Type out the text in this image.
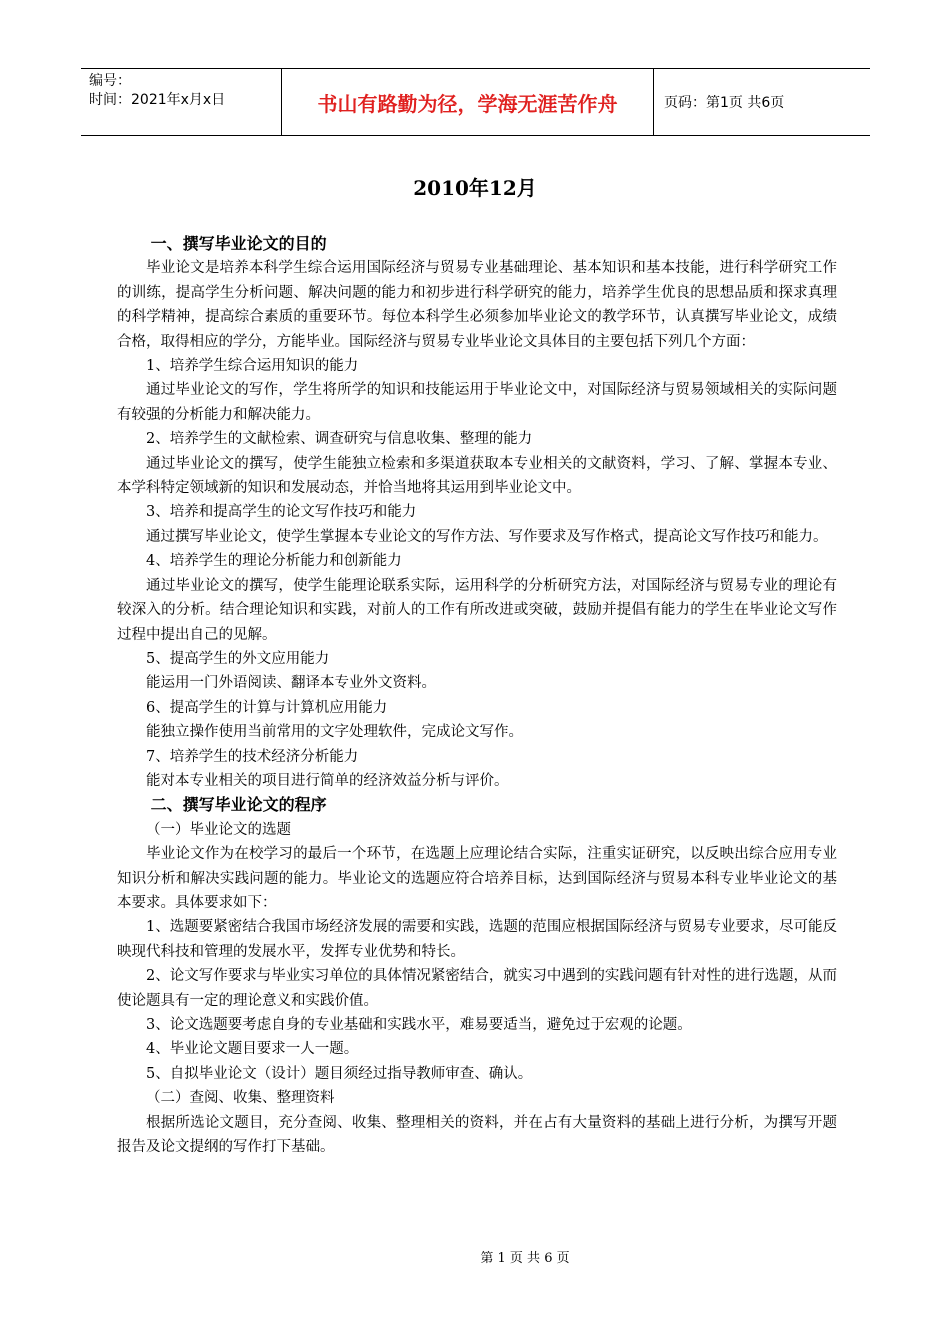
编号：
时间：2021年x月x日	书山有路勤为径，学海无涯苦作舟	页码：第1页 共6页
2010年12月

一、撰写毕业论文的目的

毕业论文是培养本科学生综合运用国际经济与贸易专业基础理论、基本知识和基本技能，进行科学研究工作的训练，提高学生分析问题、解决问题的能力和初步进行科学研究的能力，培养学生优良的思想品质和探求真理的科学精神，提高综合素质的重要环节。每位本科学生必须参加毕业论文的教学环节，认真撰写毕业论文，成绩合格，取得相应的学分，方能毕业。国际经济与贸易专业毕业论文具体目的主要包括下列几个方面：

1、培养学生综合运用知识的能力

通过毕业论文的写作，学生将所学的知识和技能运用于毕业论文中，对国际经济与贸易领域相关的实际问题有较强的分析能力和解决能力。

2、培养学生的文献检索、调查研究与信息收集、整理的能力

通过毕业论文的撰写，使学生能独立检索和多渠道获取本专业相关的文献资料，学习、了解、掌握本专业、本学科特定领域新的知识和发展动态，并恰当地将其运用到毕业论文中。

3、培养和提高学生的论文写作技巧和能力

通过撰写毕业论文，使学生掌握本专业论文的写作方法、写作要求及写作格式，提高论文写作技巧和能力。

4、培养学生的理论分析能力和创新能力

通过毕业论文的撰写，使学生能理论联系实际，运用科学的分析研究方法，对国际经济与贸易专业的理论有较深入的分析。结合理论知识和实践，对前人的工作有所改进或突破，鼓励并提倡有能力的学生在毕业论文写作过程中提出自己的见解。

5、提高学生的外文应用能力

能运用一门外语阅读、翻译本专业外文资料。

6、提高学生的计算与计算机应用能力

能独立操作使用当前常用的文字处理软件，完成论文写作。

7、培养学生的技术经济分析能力

能对本专业相关的项目进行简单的经济效益分析与评价。

二、撰写毕业论文的程序

（一）毕业论文的选题

毕业论文作为在校学习的最后一个环节，在选题上应理论结合实际，注重实证研究，以反映出综合应用专业知识分析和解决实践问题的能力。毕业论文的选题应符合培养目标，达到国际经济与贸易本科专业毕业论文的基本要求。具体要求如下：

1、选题要紧密结合我国市场经济发展的需要和实践，选题的范围应根据国际经济与贸易专业要求，尽可能反映现代科技和管理的发展水平，发挥专业优势和特长。

2、论文写作要求与毕业实习单位的具体情况紧密结合，就实习中遇到的实践问题有针对性的进行选题，从而使论题具有一定的理论意义和实践价值。

3、论文选题要考虑自身的专业基础和实践水平，难易要适当，避免过于宏观的论题。

4、毕业论文题目要求一人一题。

5、自拟毕业论文（设计）题目须经过指导教师审查、确认。

（二）查阅、收集、整理资料

根据所选论文题目，充分查阅、收集、整理相关的资料，并在占有大量资料的基础上进行分析，为撰写开题报告及论文提纲的写作打下基础。

第 1 页 共 6 页
